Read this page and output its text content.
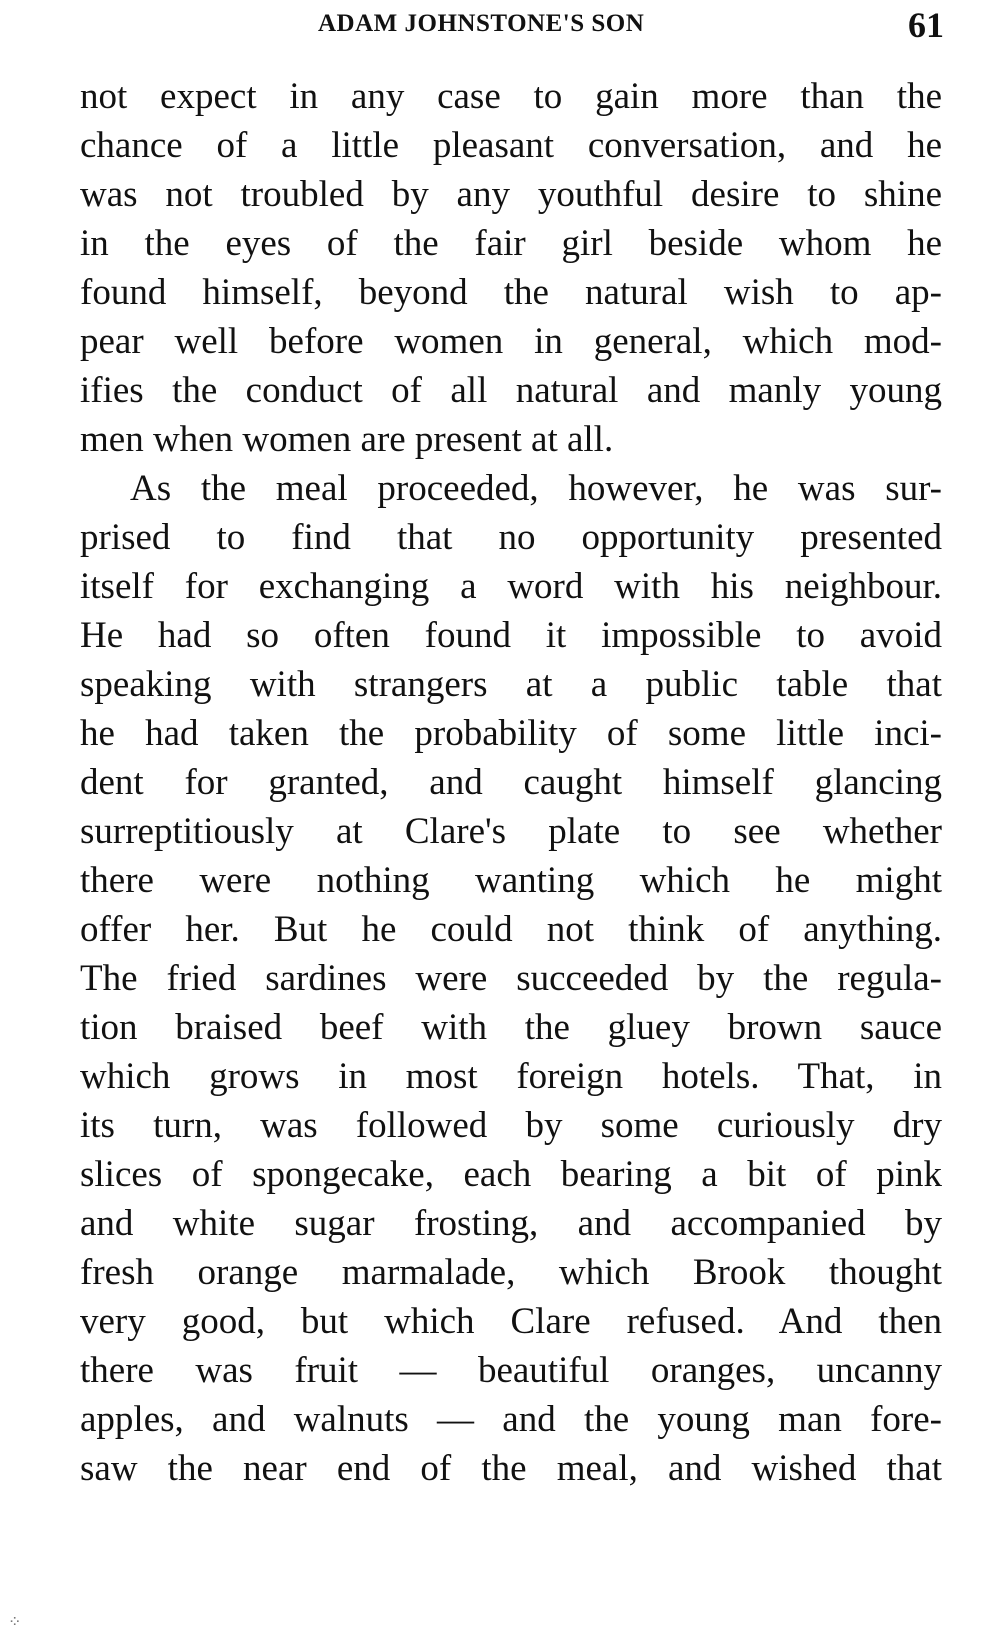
ADAM JOHNSTONE'S SON	61
not expect in any case to gain more than the
chance of a little pleasant conversation, and he
was not troubled by any youthful desire to shine
in the eyes of the fair girl beside whom he
found himself, beyond the natural wish to ap-
pear well before women in general, which mod-
ifies the conduct of all natural and manly young
men when women are present at all.
As the meal proceeded, however, he was sur-
prised to find that no opportunity presented
itself for exchanging a word with his neighbour.
He had so often found it impossible to avoid
speaking with strangers at a public table that
he had taken the probability of some little inci-
dent for granted, and caught himself glancing
surreptitiously at Clare's plate to see whether
there were nothing wanting which he might
offer her. But he could not think of anything.
The fried sardines were succeeded by the regula-
tion braised beef with the gluey brown sauce
which grows in most foreign hotels. That, in
its turn, was followed by some curiously dry
slices of spongecake, each bearing a bit of pink
and white sugar frosting, and accompanied by
fresh orange marmalade, which Brook thought
very good, but which Clare refused. And then
there was fruit — beautiful oranges, uncanny
apples, and walnuts — and the young man fore-
saw the near end of the meal, and wished that
⁘
